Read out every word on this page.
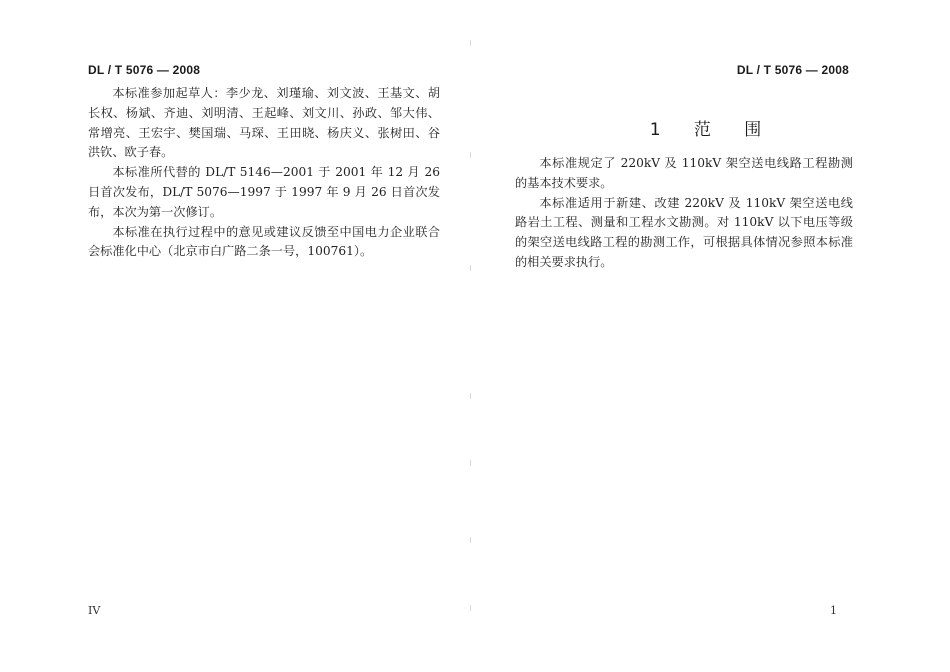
DL / T 5076 — 2008

本标准参加起草人：李少龙、刘瑾瑜、刘文波、王基文、胡长权、杨斌、齐迪、刘明清、王起峰、刘文川、孙政、邹大伟、常增亮、王宏宇、樊国瑞、马琛、王田晓、杨庆义、张树田、谷洪钦、欧子春。

本标准所代替的 DL/T 5146—2001 于 2001 年 12 月 26 日首次发布，DL/T 5076—1997 于 1997 年 9 月 26 日首次发布，本次为第一次修订。

本标准在执行过程中的意见或建议反馈至中国电力企业联合会标准化中心（北京市白广路二条一号，100761）。

IV
DL / T 5076 — 2008
1 范 围

本标准规定了 220kV 及 110kV 架空送电线路工程勘测的基本技术要求。

本标准适用于新建、改建 220kV 及 110kV 架空送电线路岩土工程、测量和工程水文勘测。对 110kV 以下电压等级的架空送电线路工程的勘测工作，可根据具体情况参照本标准的相关要求执行。

1
